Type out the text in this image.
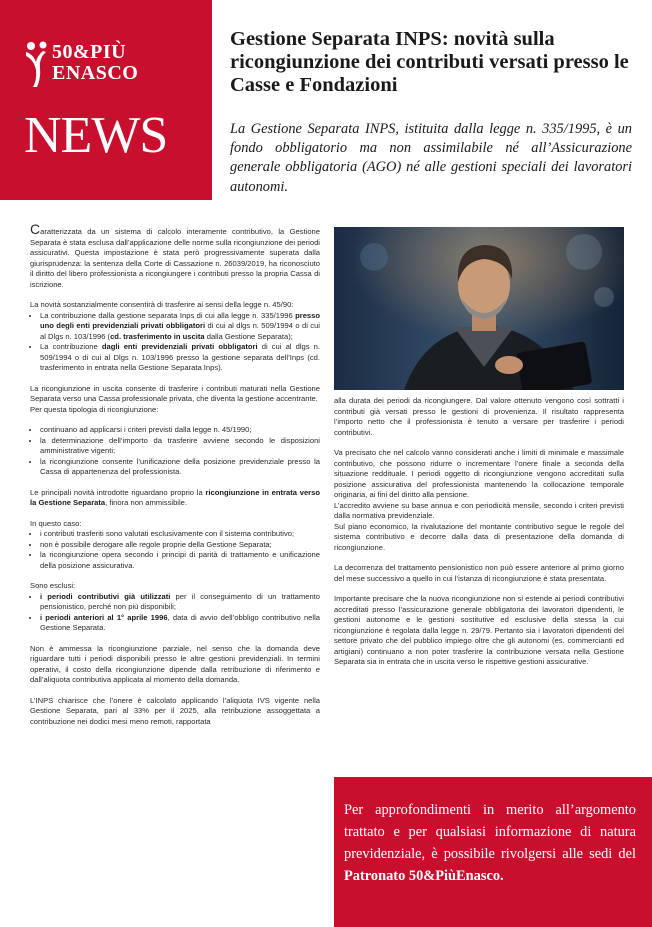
50&PIÙ
ENASCO
NEWS
Gestione Separata INPS: novità sulla ricongiunzione dei contributi versati presso le Casse e Fondazioni

La Gestione Separata INPS, istituita dalla legge n. 335/1995, è un fondo obbligatorio ma non assimilabile né all’Assicurazione generale obbligatoria (AGO) né alle gestioni speciali dei lavoratori autonomi.

Caratterizzata da un sistema di calcolo interamente contributivo, la Gestione Separata è stata esclusa dall’applicazione delle norme sulla ricongiunzione dei periodi assicurativi. Questa impostazione è stata però progressivamente superata dalla giurisprudenza: la sentenza della Corte di Cassazione n. 26039/2019, ha riconosciuto il diritto del libero professionista a ricongiungere i contributi presso la propria Cassa di iscrizione.

La novità sostanzialmente consentirà di trasferire ai sensi della legge n. 45/90:

• La contribuzione dalla gestione separata Inps di cui alla legge n. 335/1996 presso uno degli enti previdenziali privati obbligatori di cui al dlgs n. 509/1994 o di cui al Dlgs n. 103/1996 (cd. trasferimento in uscita dalla Gestione Separata);
• La contribuzione dagli enti previdenziali privati obbligatori di cui al dlgs n. 509/1994 o di cui al Dlgs n. 103/1996 presso la gestione separata dell’Inps (cd. trasferimento in entrata nella Gestione Separata Inps).

La ricongiunzione in uscita consente di trasferire i contributi maturati nella Gestione Separata verso una Cassa professionale privata, che diventa la gestione accentrante.

Per questa tipologia di ricongiunzione:

• continuano ad applicarsi i criteri previsti dalla legge n. 45/1990;
• la determinazione dell’importo da trasferire avviene secondo le disposizioni amministrative vigenti;
• la ricongiunzione consente l’unificazione della posizione previdenziale presso la Cassa di appartenenza del professionista.

Le principali novità introdotte riguardano proprio la ricongiunzione in entrata verso la Gestione Separata, finora non ammissibile.

In questo caso:

• i contributi trasferiti sono valutati esclusivamente con il sistema contributivo;
• non è possibile derogare alle regole proprie della Gestione Separata;
• la ricongiunzione opera secondo i principi di parità di trattamento e unificazione della posizione assicurativa.

Sono esclusi:

• i periodi contributivi già utilizzati per il conseguimento di un trattamento pensionistico, perché non più disponibili;
• i periodi anteriori al 1° aprile 1996, data di avvio dell’obbligo contributivo nella Gestione Separata.

Non è ammessa la ricongiunzione parziale, nel senso che la domanda deve riguardare tutti i periodi disponibili presso le altre gestioni previdenziali. In termini operativi, il costo della ricongiunzione dipende dalla retribuzione di riferimento e dall’aliquota contributiva applicata al momento della domanda.

L’INPS chiarisce che l’onere è calcolato applicando l’aliquota IVS vigente nella Gestione Separata, pari al 33% per il 2025, alla retribuzione assoggettata a contribuzione nei dodici mesi meno remoti, rapportata

alla durata dei periodi da ricongiungere. Dal valore ottenuto vengono così sottratti i contributi già versati presso le gestioni di provenienza. Il risultato rappresenta l’importo netto che il professionista è tenuto a versare per trasferire i periodi contributivi.

Va precisato che nel calcolo vanno considerati anche i limiti di minimale e massimale contributivo, che possono ridurre o incrementare l’onere finale a seconda della situazione reddituale. I periodi oggetto di ricongiunzione vengono accreditati sulla posizione assicurativa del professionista mantenendo la collocazione temporale originaria, ai fini del diritto alla pensione.

L’accredito avviene su base annua e con periodicità mensile, secondo i criteri previsti dalla normativa previdenziale.

Sul piano economico, la rivalutazione del montante contributivo segue le regole del sistema contributivo e decorre dalla data di presentazione della domanda di ricongiunzione.

La decorrenza del trattamento pensionistico non può essere anteriore al primo giorno del mese successivo a quello in cui l’istanza di ricongiunzione è stata presentata.

Importante precisare che la nuova ricongiunzione non si estende ai periodi contributivi accreditati presso l’assicurazione generale obbligatoria dei lavoratori dipendenti, le gestioni autonome e le gestioni sostitutive ed esclusive della stessa la cui ricongiunzione è regolata dalla legge n. 29/79. Pertanto sia i lavoratori dipendenti del settore privato che del pubblico impiego oltre che gli autonomi (es. commercianti ed artigiani) continuano a non poter trasferire la contribuzione versata nella Gestione Separata sia in entrata che in uscita verso le rispettive gestioni assicurative.

Per approfondimenti in merito all’argomento trattato e per qualsiasi informazione di natura previdenziale, è possibile rivolgersi alle sedi del Patronato 50&PiùEnasco.
